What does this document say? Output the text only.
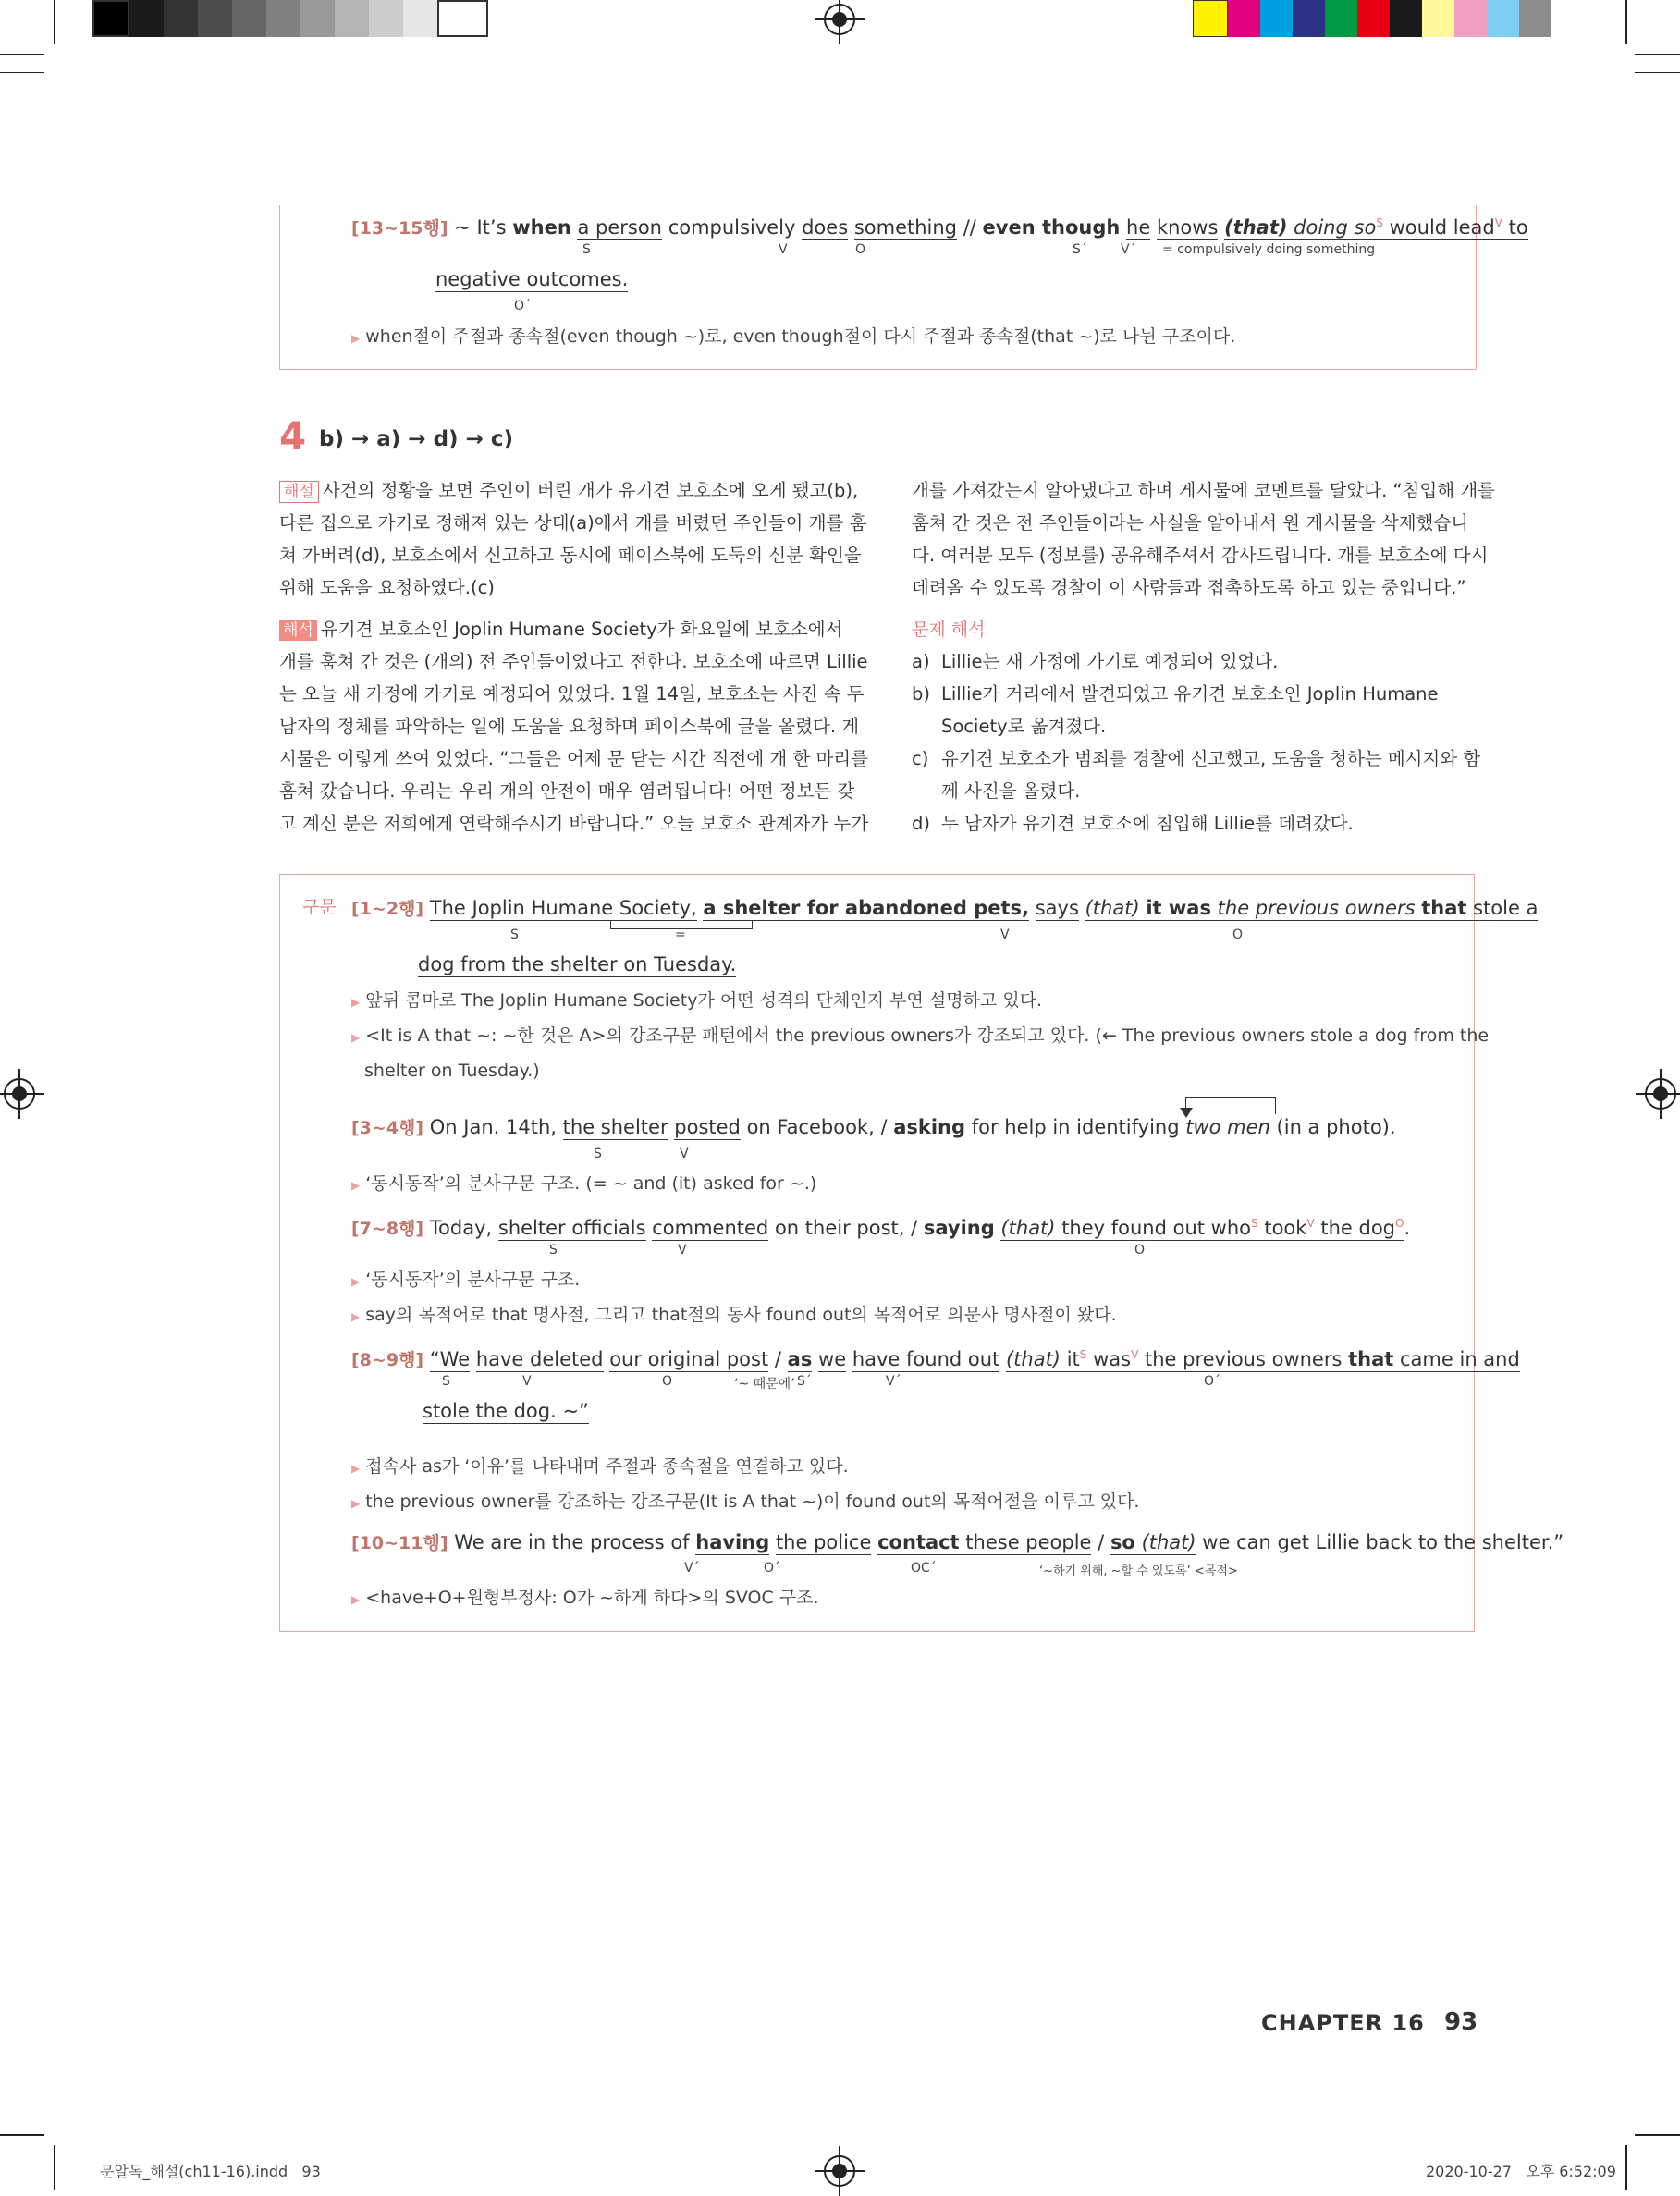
[13~15행] ~ It’s when a person compulsively does something // even though he knows (that) doing $so^S$ would lead$^V$ to
S	V	O	S´	V´ = compulsively doing something
negative outcomes.
O´
▶ when절이 주절과 종속절(even though ~)로, even though절이 다시 주절과 종속절(that ~)로 나뉜 구조이다.
4 b) → a) → d) → c)
해설 사건의 정황을 보면 주인이 버린 개가 유기견 보호소에 오게 됐고(b),
다른 집으로 가기로 정해져 있는 상태(a)에서 개를 버렸던 주인들이 개를 훔
쳐 가버려(d), 보호소에서 신고하고 동시에 페이스북에 도둑의 신분 확인을
위해 도움을 요청하였다.(c)
해석 유기견 보호소인 Joplin Humane Society가 화요일에 보호소에서
개를 훔쳐 간 것은 (개의) 전 주인들이었다고 전한다. 보호소에 따르면 Lillie
는 오늘 새 가정에 가기로 예정되어 있었다. 1월 14일, 보호소는 사진 속 두
남자의 정체를 파악하는 일에 도움을 요청하며 페이스북에 글을 올렸다. 게
시물은 이렇게 쓰여 있었다. “그들은 어제 문 닫는 시간 직전에 개 한 마리를
훔쳐 갔습니다. 우리는 우리 개의 안전이 매우 염려됩니다! 어떤 정보든 갖
고 계신 분은 저희에게 연락해주시기 바랍니다.” 오늘 보호소 관계자가 누가
개를 가져갔는지 알아냈다고 하며 게시물에 코멘트를 달았다. “침입해 개를
훔쳐 간 것은 전 주인들이라는 사실을 알아내서 원 게시물을 삭제했습니
다. 여러분 모두 (정보를) 공유해주셔서 감사드립니다. 개를 보호소에 다시
데려올 수 있도록 경찰이 이 사람들과 접촉하도록 하고 있는 중입니다.”
문제 해석
a) Lillie는 새 가정에 가기로 예정되어 있었다.
b) Lillie가 거리에서 발견되었고 유기견 보호소인 Joplin Humane
Society로 옮겨졌다.
c) 유기견 보호소가 범죄를 경찰에 신고했고, 도움을 청하는 메시지와 함
께 사진을 올렸다.
d) 두 남자가 유기견 보호소에 침입해 Lillie를 데려갔다.
구문 [1~2행] The Joplin Humane Society, a shelter for abandoned pets, says (that) it was the previous owners that stole a
S	=	V	O
dog from the shelter on Tuesday.
▶ 앞뒤 콤마로 The Joplin Humane Society가 어떤 성격의 단체인지 부연 설명하고 있다.
▶ <It is A that ~: ~한 것은 A>의 강조구문 패턴에서 the previous owners가 강조되고 있다. (← The previous owners stole a dog from the
shelter on Tuesday.)
[3~4행] On Jan. 14th, the shelter posted on Facebook, / asking for help in identifying two men (in a photo).
S	V
▶ ‘동시동작’의 분사구문 구조. (= ~ and (it) asked for ~.)
[7~8행] Today, shelter officials commented on their post, / saying (that) they found out who$^S$ took$^V$ the dog$^O$.
S	V	O
▶ ‘동시동작’의 분사구문 구조.
▶ say의 목적어로 that 명사절, 그리고 that절의 동사 found out의 목적어로 의문사 명사절이 왔다.
[8~9행] “We have deleted our original post / as we have found out (that) $it^S$ was$^V$ the previous owners that came in and
S	V	O	‘~ 때문에’ S´	V´	O´
stole the dog. ~”
▶ 접속사 as가 ‘이유’를 나타내며 주절과 종속절을 연결하고 있다.
▶ the previous owner를 강조하는 강조구문(It is A that ~)이 found out의 목적어절을 이루고 있다.
[10~11행] We are in the process of having the police contact these people / so (that) we can get Lillie back to the shelter.”
V´	O´	OC´	‘~하기 위해, ~할 수 있도록’ <목적>
▶ <have+O+원형부정사: O가 ~하게 하다>의 SVOC 구조.
CHAPTER 16 93
문알독_해설(ch11-16).indd   93	2020-10-27   오후 6:52:09
